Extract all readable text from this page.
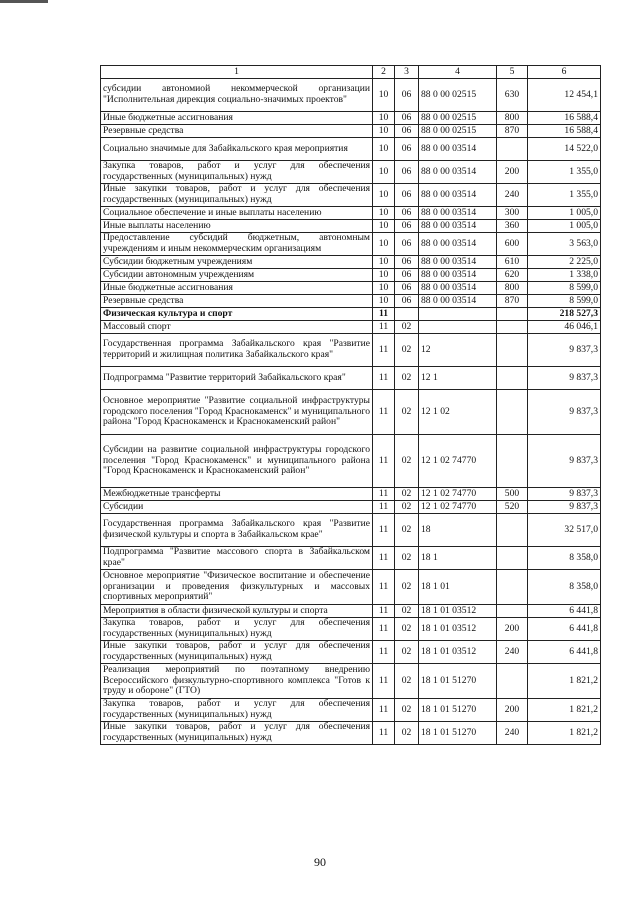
1	2	3	4	5	6
субсидии автономиой некоммерческой организации "Исполнительная дирекция социально-значимых проектов"	10	06	88 0 00 02515	630	12 454,1
Иные бюджетные ассигнования	10	06	88 0 00 02515	800	16 588,4
Резервные средства	10	06	88 0 00 02515	870	16 588,4
Социально значимые для Забайкальского края мероприятия	10	06	88 0 00 03514		14 522,0
Закупка товаров, работ и услуг для обеспечения государственных (муниципальных) нужд	10	06	88 0 00 03514	200	1 355,0
Иные закупки товаров, работ и услуг для обеспечения государственных (муниципальных) нужд	10	06	88 0 00 03514	240	1 355,0
Социальное обеспечение и иные выплаты населению	10	06	88 0 00 03514	300	1 005,0
Иные выплаты населению	10	06	88 0 00 03514	360	1 005,0
Предоставление субсидий бюджетным, автономным учреждениям и иным некоммерческим организациям	10	06	88 0 00 03514	600	3 563,0
Субсидии бюджетным учреждениям	10	06	88 0 00 03514	610	2 225,0
Субсидии автономным учреждениям	10	06	88 0 00 03514	620	1 338,0
Иные бюджетные ассигнования	10	06	88 0 00 03514	800	8 599,0
Резервные средства	10	06	88 0 00 03514	870	8 599,0
Физическая культура и спорт	11				218 527,3
Массовый спорт	11	02			46 046,1
Государственная программа Забайкальского края "Развитие территорий и жилищная политика Забайкальского края"	11	02	12		9 837,3
Подпрограмма "Развитие территорий Забайкальского края"	11	02	12 1		9 837,3
Основное мероприятие "Развитие социальной инфраструктуры городского поселения "Город Краснокаменск" и муниципального района "Город Краснокаменск и Краснокаменский район"	11	02	12 1 02		9 837,3
Субсидии на развитие социальной инфраструктуры городского поселения "Город Краснокаменск" и муниципального района "Город Краснокаменск и Краснокаменский район"	11	02	12 1 02 74770		9 837,3
Межбюджетные трансферты	11	02	12 1 02 74770	500	9 837,3
Субсидии	11	02	12 1 02 74770	520	9 837,3
Государственная программа Забайкальского края "Развитие физической культуры и спорта в Забайкальском крае"	11	02	18		32 517,0
Подпрограмма "Развитие массового спорта в Забайкальском крае"	11	02	18 1		8 358,0
Основное мероприятие "Физическое воспитание и обеспечение организации и проведения физкультурных и массовых спортивных мероприятий"	11	02	18 1 01		8 358,0
Мероприятия в области физической культуры и спорта	11	02	18 1 01 03512		6 441,8
Закупка товаров, работ и услуг для обеспечения государственных (муниципальных) нужд	11	02	18 1 01 03512	200	6 441,8
Иные закупки товаров, работ и услуг для обеспечения государственных (муниципальных) нужд	11	02	18 1 01 03512	240	6 441,8
Реализация мероприятий по поэтапному внедрению Всероссийского физкультурно-спортивного комплекса "Готов к труду и обороне" (ГТО)	11	02	18 1 01 51270		1 821,2
Закупка товаров, работ и услуг для обеспечения государственных (муниципальных) нужд	11	02	18 1 01 51270	200	1 821,2
Иные закупки товаров, работ и услуг для обеспечения государственных (муниципальных) нужд	11	02	18 1 01 51270	240	1 821,2
90
